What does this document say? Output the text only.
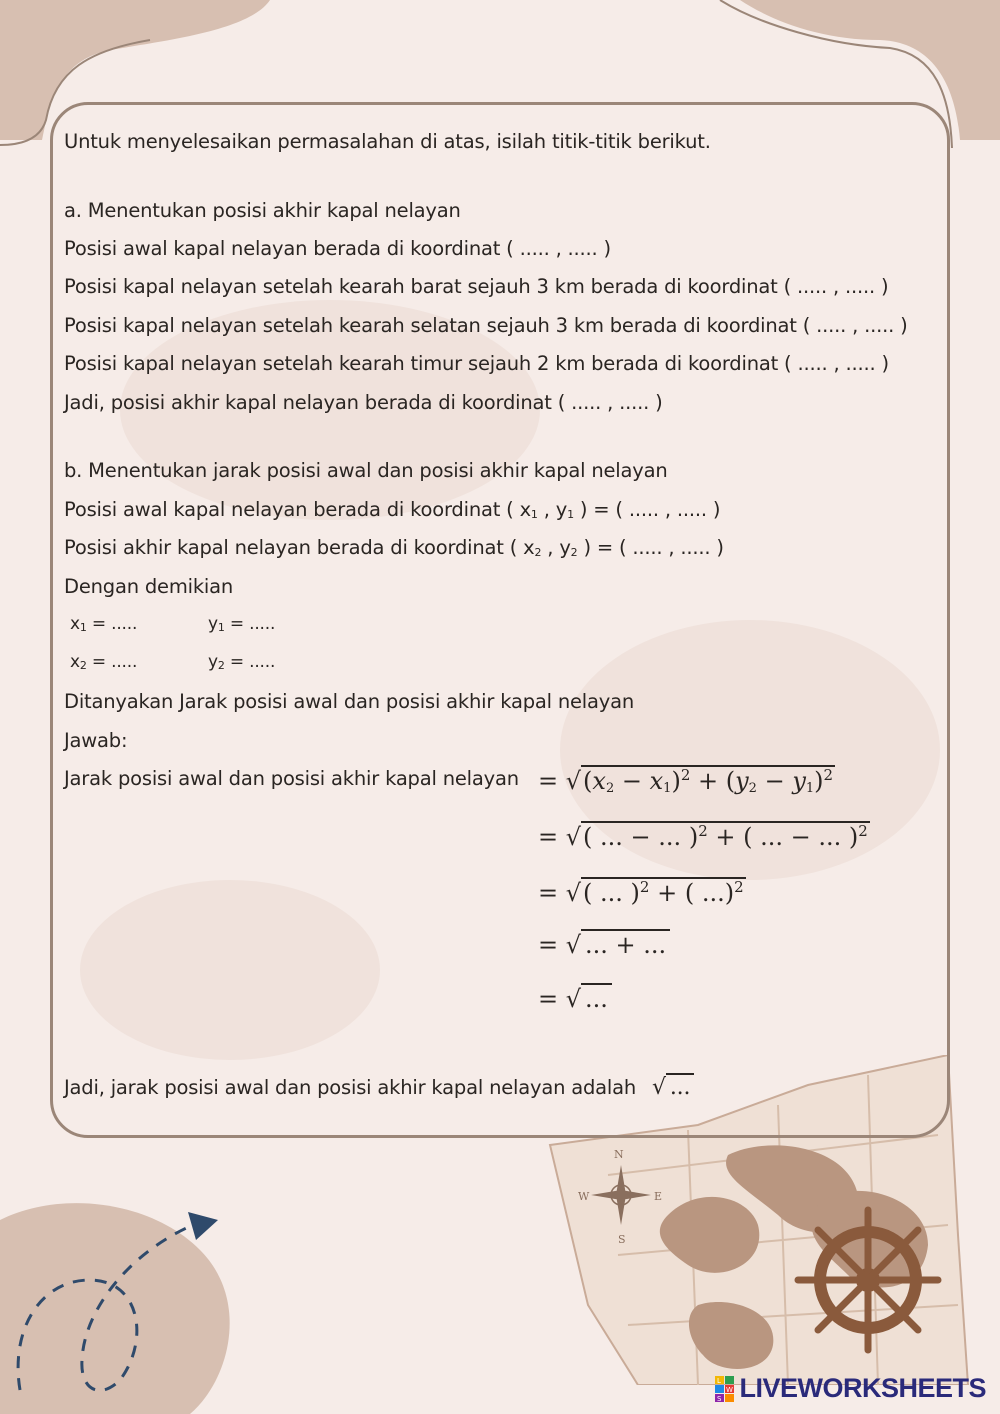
N
E
W
S
Untuk menyelesaikan permasalahan di atas, isilah titik-titik berikut.
a. Menentukan posisi akhir kapal nelayan
Posisi awal kapal nelayan berada di koordinat ( ..... , ..... )
Posisi kapal nelayan setelah kearah barat sejauh 3 km berada di koordinat ( ..... , ..... )
Posisi kapal nelayan setelah kearah selatan sejauh 3 km berada di koordinat ( ..... , ..... )
Posisi kapal nelayan setelah kearah timur sejauh 2 km berada di koordinat ( ..... , ..... )
Jadi, posisi akhir kapal nelayan berada di koordinat ( ..... , ..... )
b. Menentukan jarak posisi awal dan posisi akhir kapal nelayan
Posisi awal kapal nelayan berada di koordinat ( x1 , y1 ) = ( ..... , ..... )
Posisi akhir kapal nelayan berada di koordinat ( x2 , y2 ) = ( ..... , ..... )
Dengan demikian
x1 = .....	y1 = .....
x2 = .....	y2 = .....
Ditanyakan Jarak posisi awal dan posisi akhir kapal nelayan
Jawab:
Jarak posisi awal dan posisi akhir kapal nelayan = $√(x_2 - x_1)^2 + (y_2 - y_1)^2$
= √( ... − ... )$^2$ + ( ... − ... )$^2$
= √( ... )$^2$ + ( ...)$^2$
= √ ... + ...
= √ ...
Jadi, jarak posisi awal dan posisi akhir kapal nelayan adalah √ ...
L
W
S LIVEWORKSHEETS
